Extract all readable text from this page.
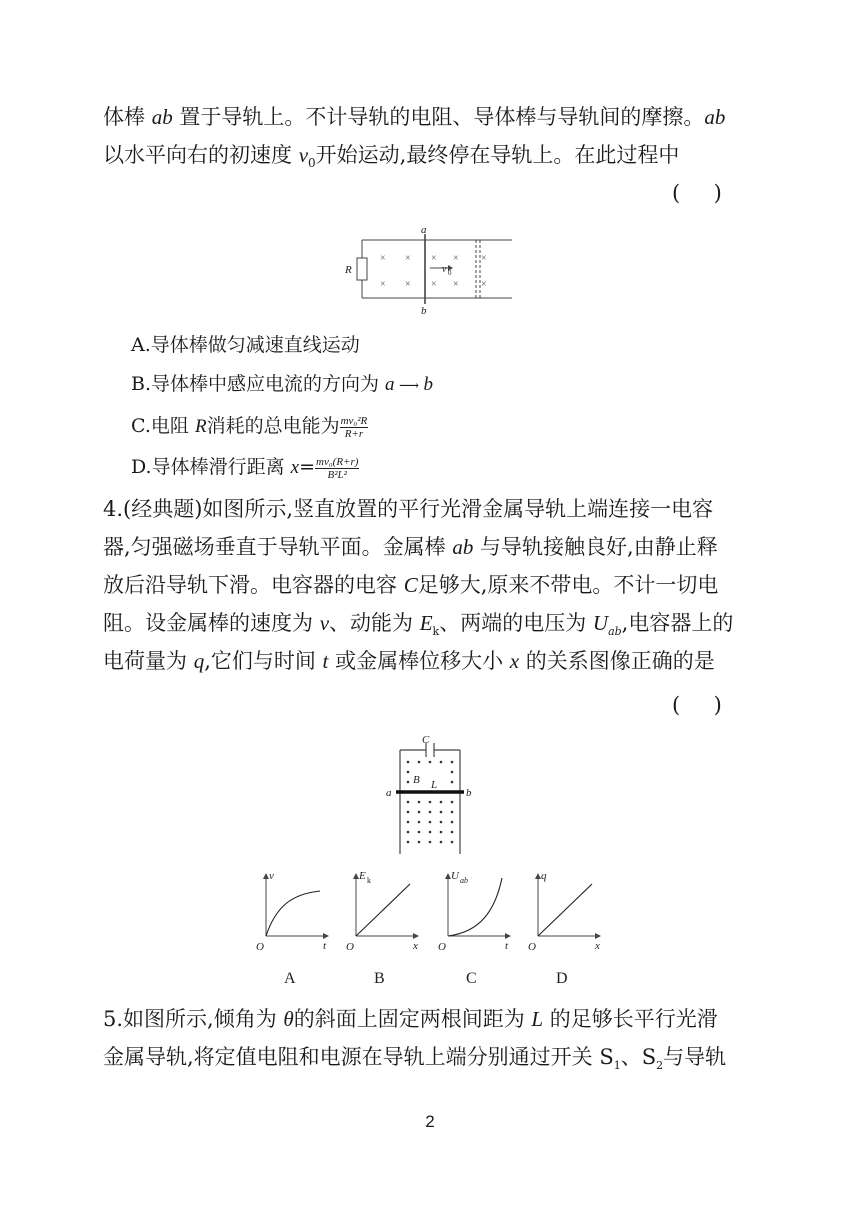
体棒 ab 置于导轨上。不计导轨的电阻、导体棒与导轨间的摩擦。ab
以水平向右的初速度 $v_0$开始运动,最终停在导轨上。在此过程中
(     )
× ×
× ×
× ×
× ×
×
×
a
b
R	v 0
A.导体棒做匀减速直线运动
B.导体棒中感应电流的方向为 a ⟶ b
C.电阻 R消耗的总电能为 $\frac{\text{mv₀²R}}{R+r}$
D.导体棒滑行距离 $x= \frac{\text{mv₀(R+r)}}{\text{B²L²}}$
4.(经典题)如图所示,竖直放置的平行光滑金属导轨上端连接一电容
器,匀强磁场垂直于导轨平面。金属棒 ab 与导轨接触良好,由静止释
放后沿导轨下滑。电容器的电容 C足够大,原来不带电。不计一切电
阻。设金属棒的速度为 v、动能为 $E_k$、两端的电压为 $U_{ab}$,电容器上的
电荷量为 q,它们与时间 t 或金属棒位移大小 x 的关系图像正确的是
(     )
C
B L
a	b
v
t
O
E k
x
O
U ab
t
O
q
x
O
A	B	C	D
5.如图所示,倾角为 θ的斜面上固定两根间距为 L 的足够长平行光滑
金属导轨,将定值电阻和电源在导轨上端分别通过开关 $S_1$、$S_2$与导轨
2
